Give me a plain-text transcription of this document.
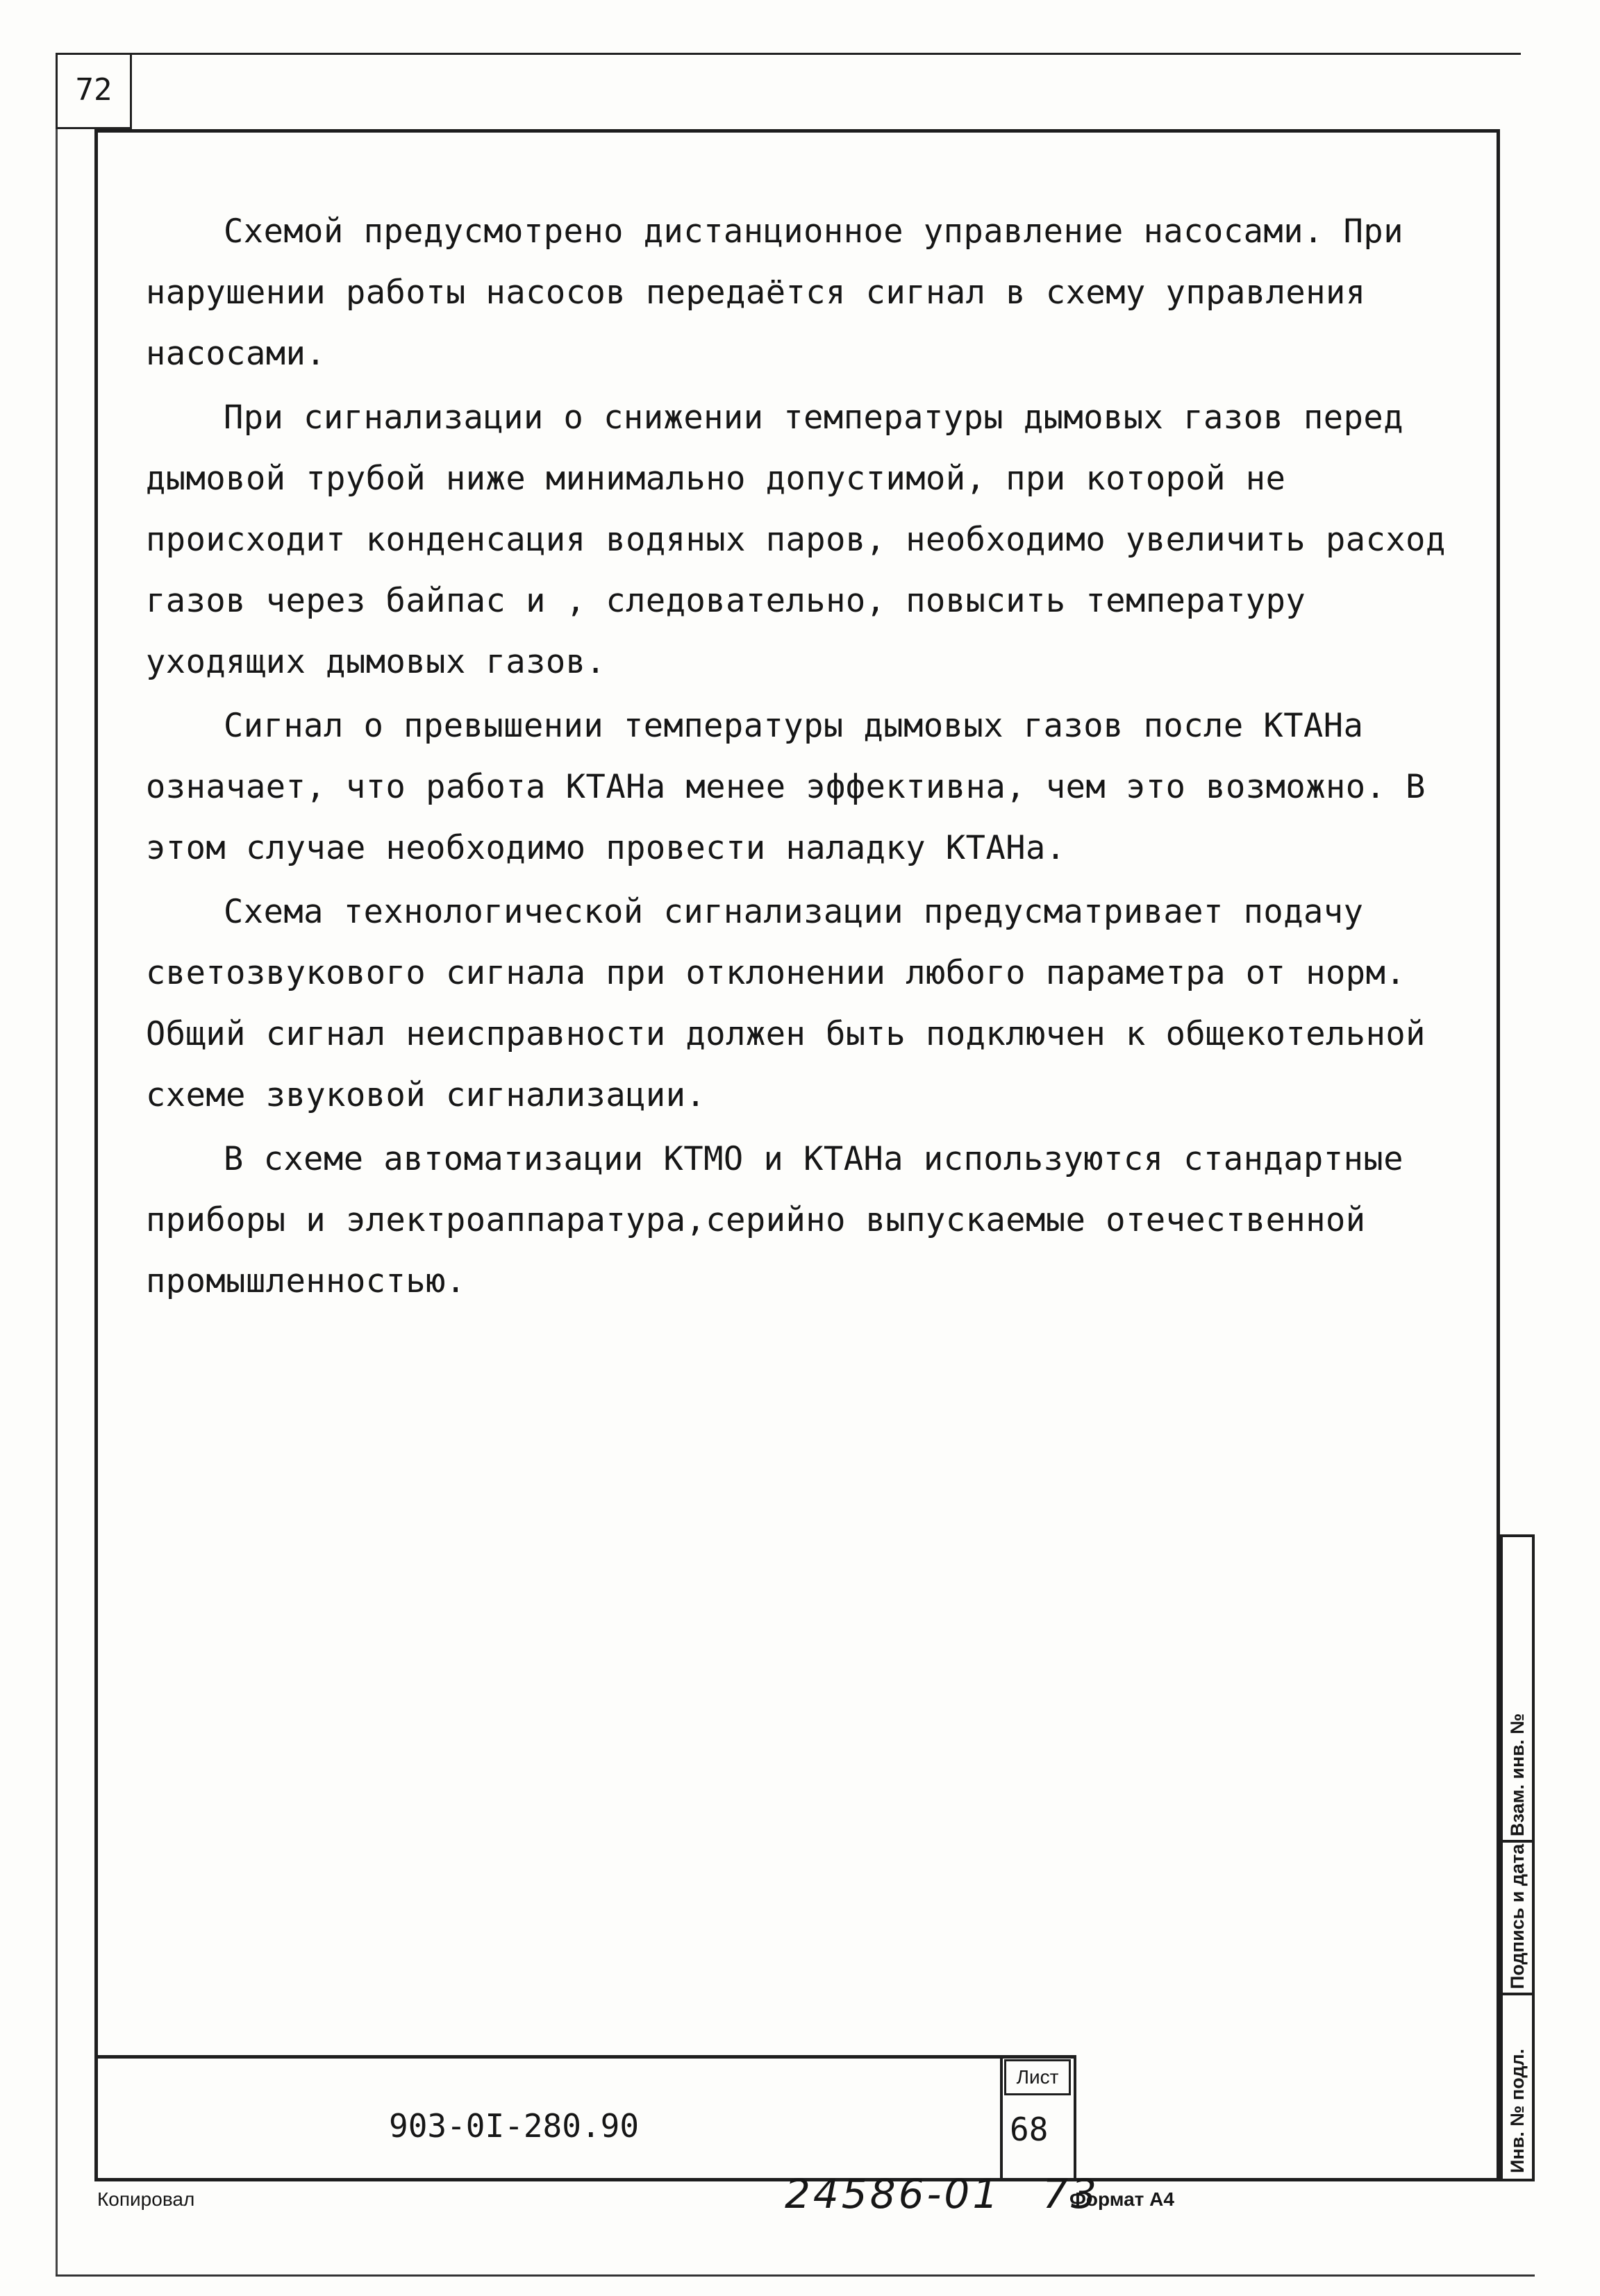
72

Схемой предусмотрено дистанционное управление насосами. При нарушении работы насосов передаётся сигнал в схему управления насосами.

При сигнализации о снижении температуры дымовых газов перед дымовой трубой ниже минимально допустимой, при которой не происходит конденсация водяных паров, необходимо увеличить расход газов через байпас и , следовательно, повысить температуру уходящих дымовых газов.

Сигнал о превышении температуры дымовых газов после КТАНа означает, что работа КТАНа менее эффективна, чем это возможно. В этом случае необходимо провести наладку КТАНа.

Схема технологической сигнализации предусматривает подачу светозвукового сигнала при отклонении любого параметра от норм. Общий сигнал неисправности должен быть подключен к общекотельной схеме звуковой сигнализации.

В схеме автоматизации КТМО и КТАНа используются стандартные приборы и электроаппаратура,серийно выпускаемые отечественной промышленностью.

903-0I-280.90
Лист
68
Взам. инв. №
Подпись и дата
Инв. № подл.
Копировал	24586-01 73
Формат А4
